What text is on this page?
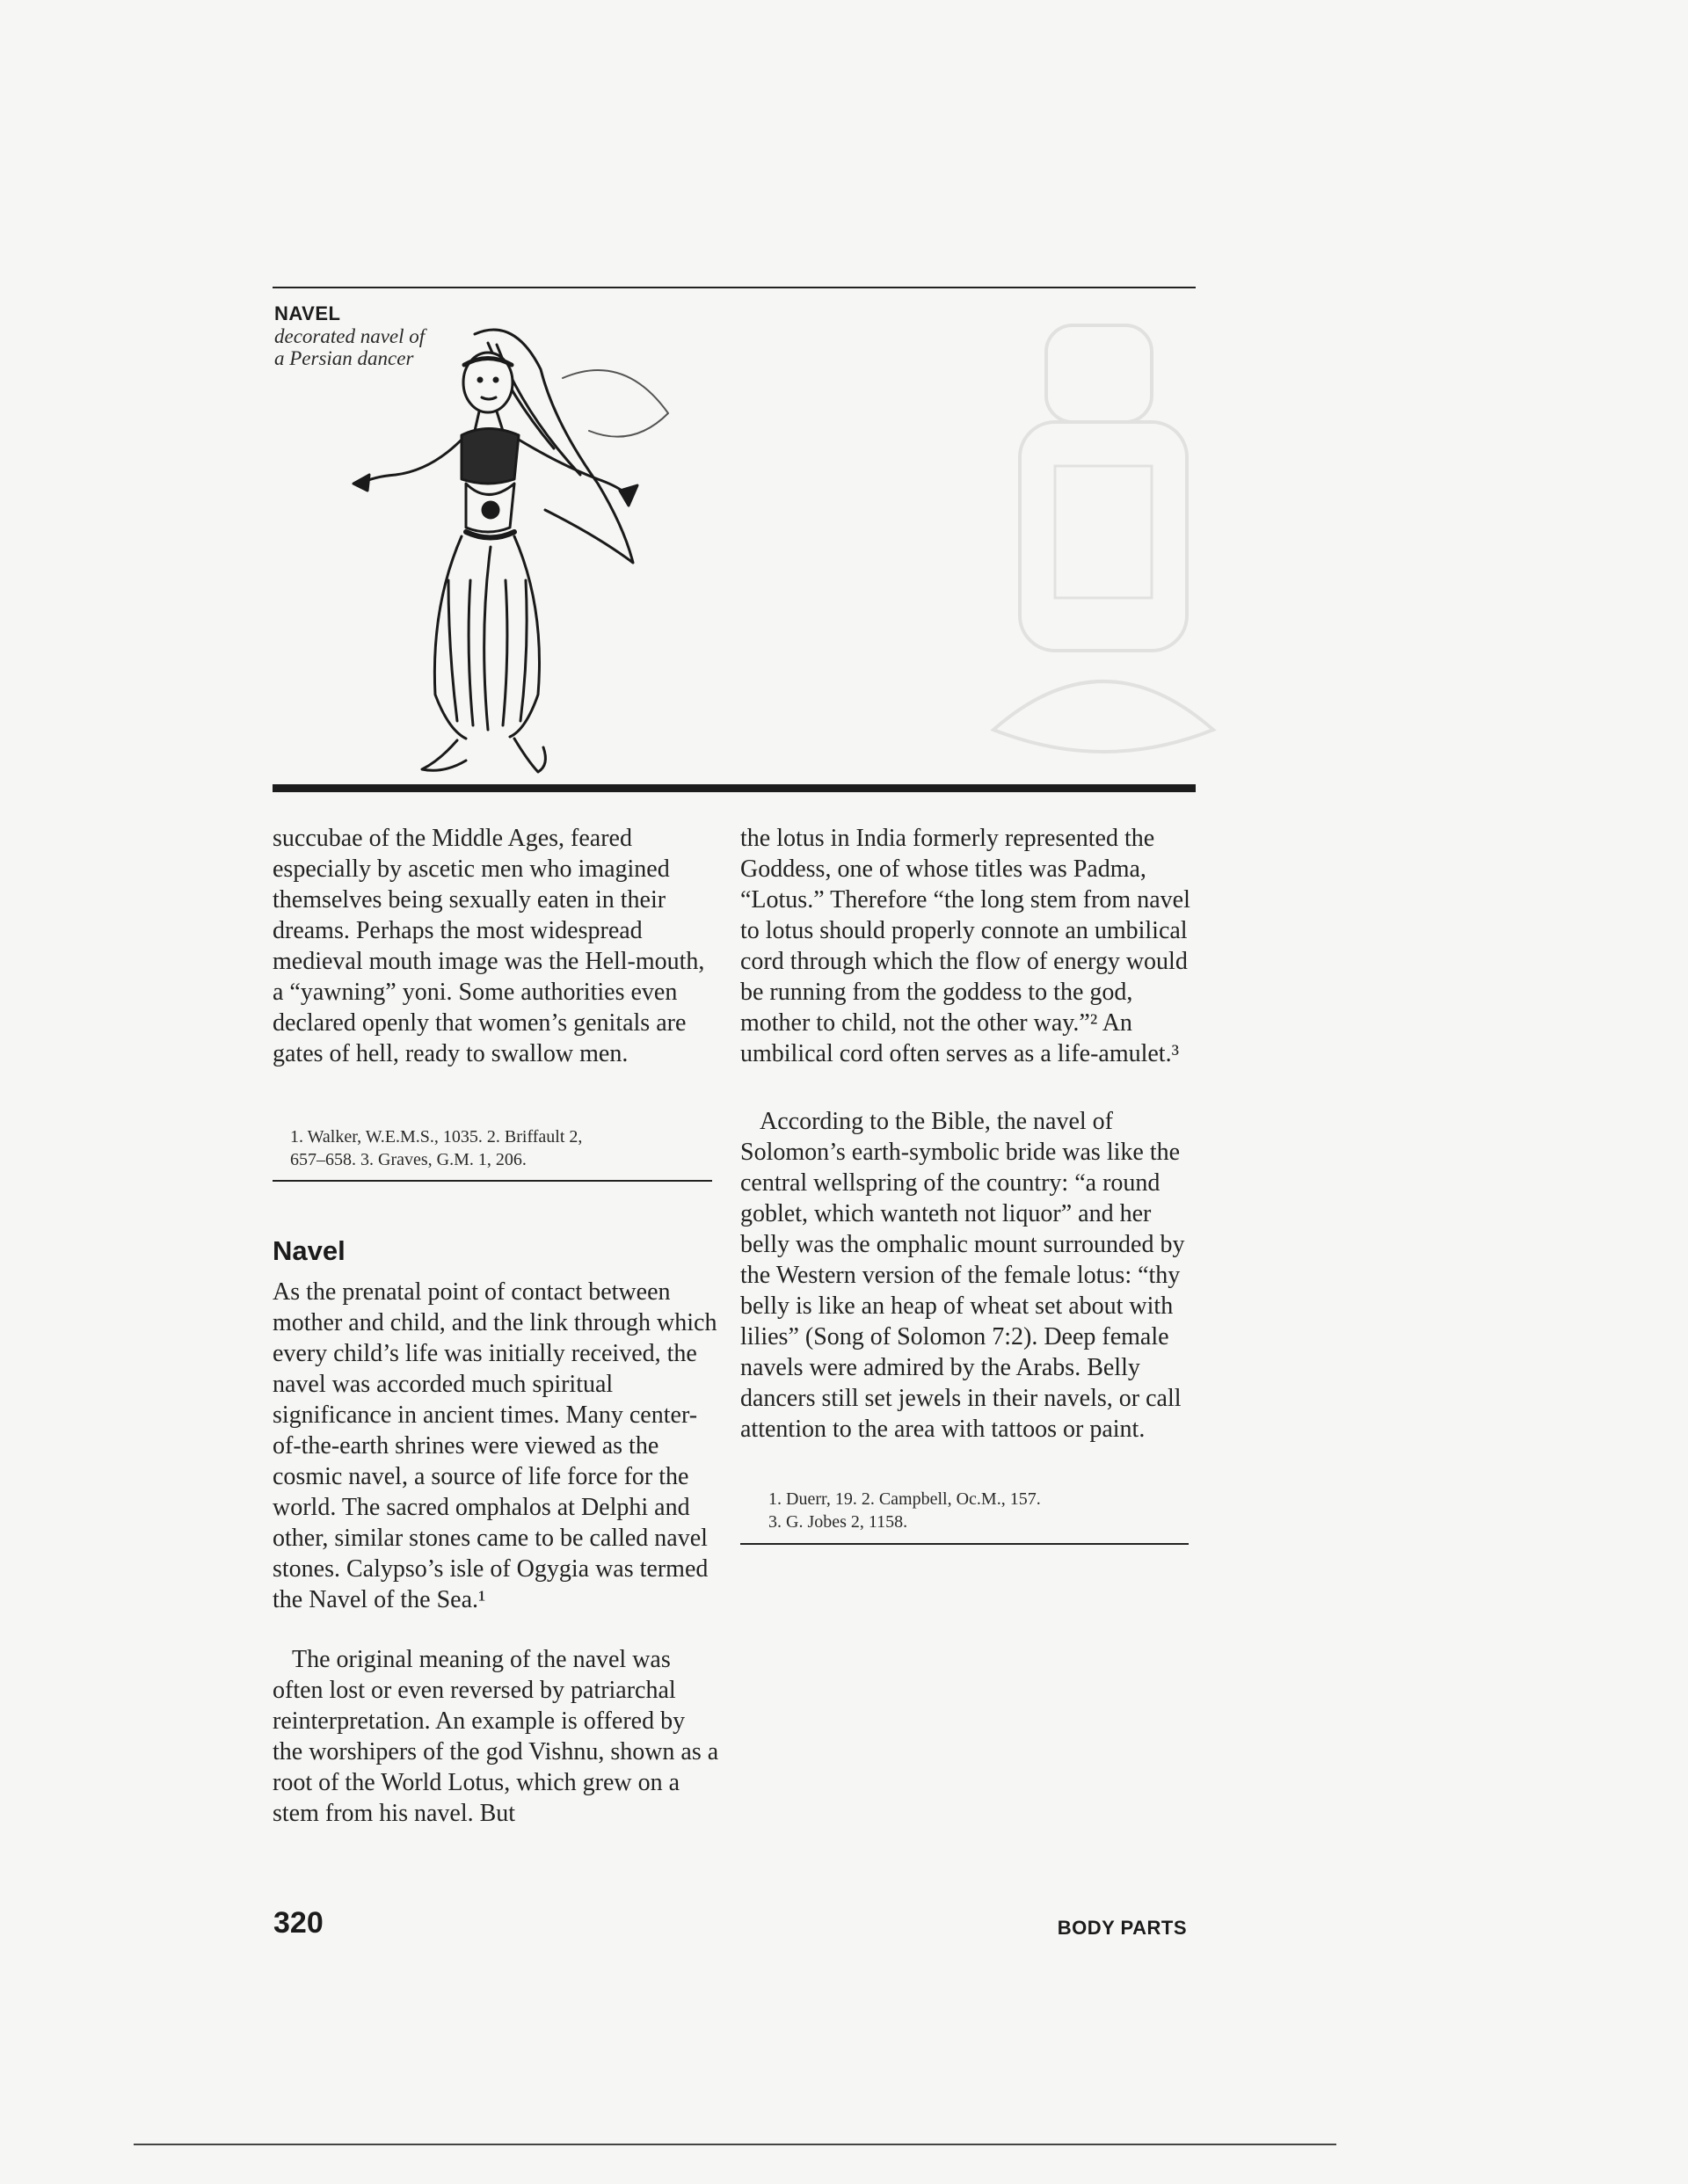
NAVEL
decorated navel of
a Persian dancer

succubae of the Middle Ages, feared especially by ascetic men who imagined themselves being sexually eaten in their dreams. Perhaps the most widespread medieval mouth image was the Hell-mouth, a “yawning” yoni. Some authorities even declared openly that women’s genitals are gates of hell, ready to swallow men.

1. Walker, W.E.M.S., 1035. 2. Briffault 2,
657–658. 3. Graves, G.M. 1, 206.
Navel

As the prenatal point of contact between mother and child, and the link through which every child’s life was initially received, the navel was accorded much spiritual significance in ancient times. Many center-of-the-earth shrines were viewed as the cosmic navel, a source of life force for the world. The sacred omphalos at Delphi and other, similar stones came to be called navel stones. Calypso’s isle of Ogygia was termed the Navel of the Sea.¹

The original meaning of the navel was often lost or even reversed by patriarchal reinterpretation. An example is offered by the worshipers of the god Vishnu, shown as a root of the World Lotus, which grew on a stem from his navel. But

the lotus in India formerly represented the Goddess, one of whose titles was Padma, “Lotus.” Therefore “the long stem from navel to lotus should properly connote an umbilical cord through which the flow of energy would be running from the goddess to the god, mother to child, not the other way.”² An umbilical cord often serves as a life-amulet.³

According to the Bible, the navel of Solomon’s earth-symbolic bride was like the central wellspring of the country: “a round goblet, which wanteth not liquor” and her belly was the omphalic mount surrounded by the Western version of the female lotus: “thy belly is like an heap of wheat set about with lilies” (Song of Solomon 7:2). Deep female navels were admired by the Arabs. Belly dancers still set jewels in their navels, or call attention to the area with tattoos or paint.

1. Duerr, 19. 2. Campbell, Oc.M., 157.
3. G. Jobes 2, 1158.
320	BODY PARTS
